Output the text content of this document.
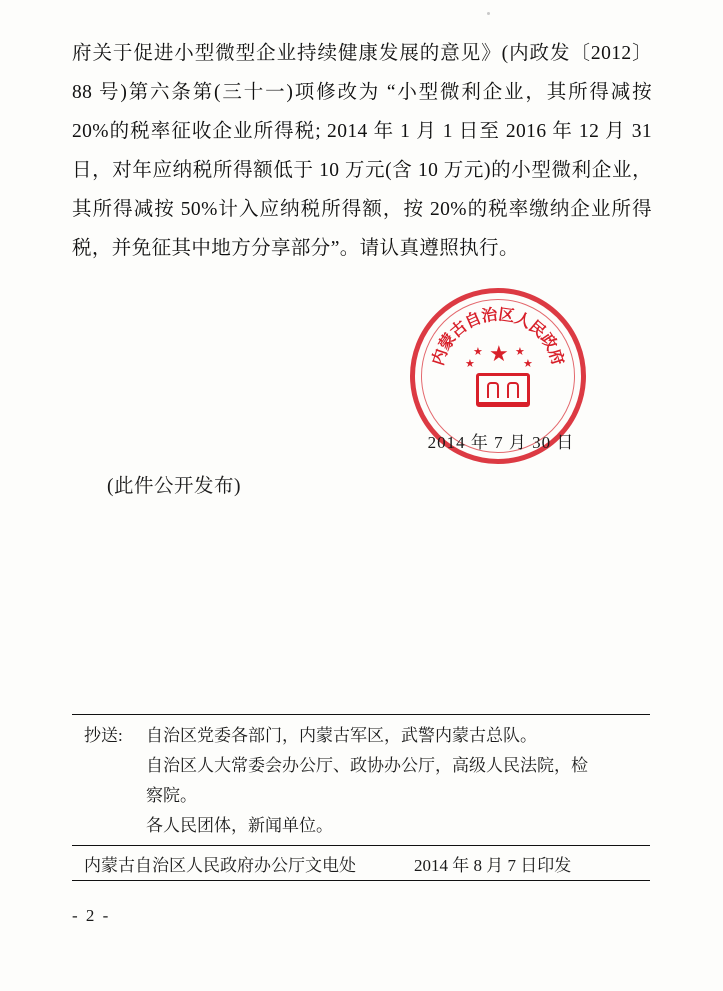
府关于促进小型微型企业持续健康发展的意见》(内政发〔2012〕88 号)第六条第(三十一)项修改为 “小型微利企业，其所得减按 20%的税率征收企业所得税; 2014 年 1 月 1 日至 2016 年 12 月 31 日，对年应纳税所得额低于 10 万元(含 10 万元)的小型微利企业，其所得减按 50%计入应纳税所得额，按 20%的税率缴纳企业所得税，并免征其中地方分享部分”。请认真遵照执行。

内
蒙
古
自
治
区
人
民
政
府
★
★
★
★
★
2014 年 7 月 30 日
(此件公开发布)
抄送:	自治区党委各部门，内蒙古军区，武警内蒙古总队。
自治区人大常委会办公厅、政协办公厅，高级人民法院，检
察院。
各人民团体，新闻单位。
内蒙古自治区人民政府办公厅文电处	2014 年 8 月 7 日印发
- 2 -
